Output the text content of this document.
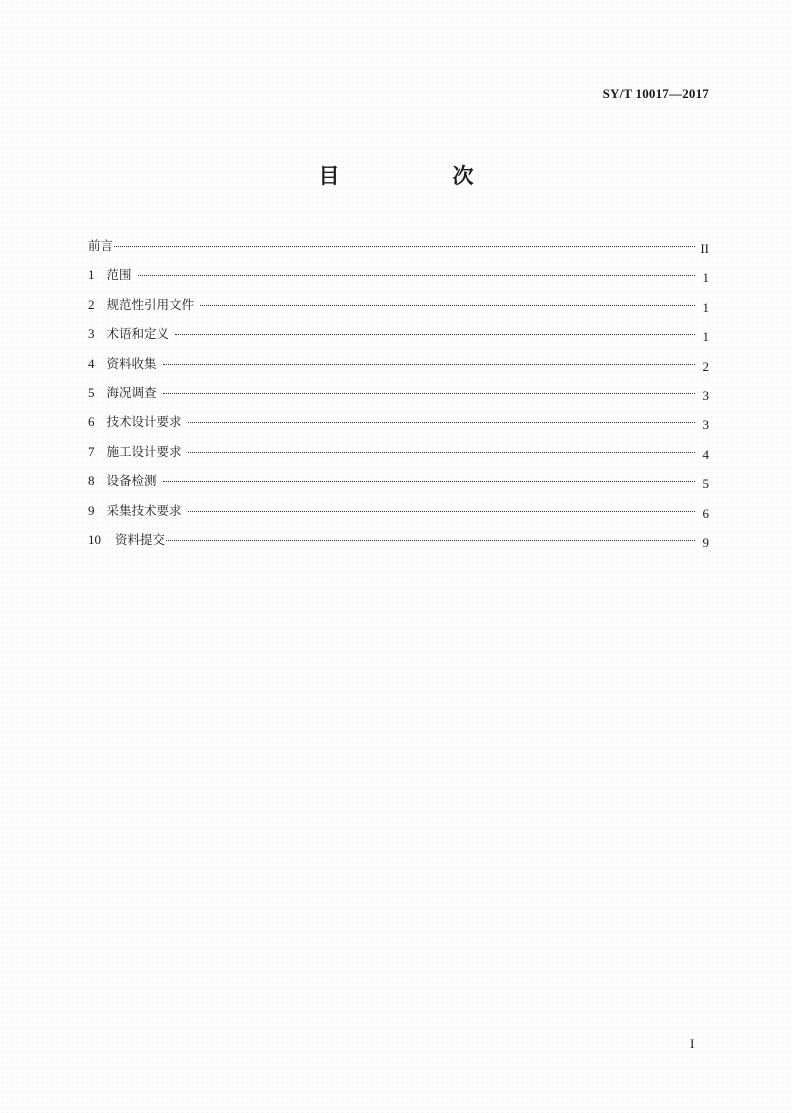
SY/T 10017—2017
目　次
前言	II
1 范围	1
2 规范性引用文件	1
3 术语和定义	1
4 资料收集	2
5 海况调查	3
6 技术设计要求	3
7 施工设计要求	4
8 设备检测	5
9 采集技术要求	6
10	资料提交	9
I
